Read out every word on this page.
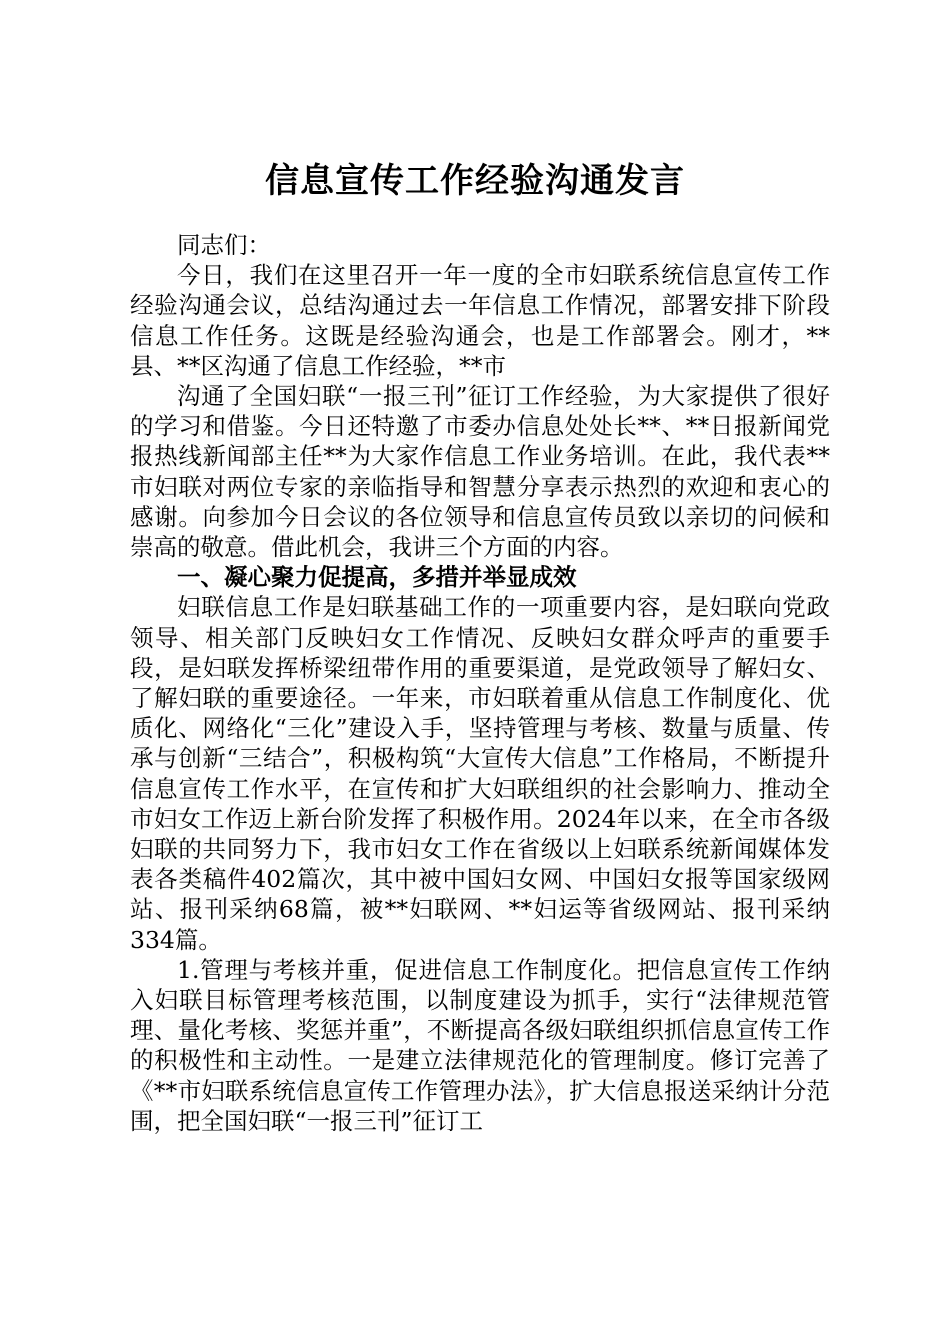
信息宣传工作经验沟通发言

同志们：

今日，我们在这里召开一年一度的全市妇联系统信息宣传工作经验沟通会议，总结沟通过去一年信息工作情况，部署安排下阶段信息工作任务。这既是经验沟通会，也是工作部署会。刚才，**县、**区沟通了信息工作经验，**市

沟通了全国妇联“一报三刊”征订工作经验，为大家提供了很好的学习和借鉴。今日还特邀了市委办信息处处长**、**日报新闻党报热线新闻部主任**为大家作信息工作业务培训。在此，我代表**市妇联对两位专家的亲临指导和智慧分享表示热烈的欢迎和衷心的感谢。向参加今日会议的各位领导和信息宣传员致以亲切的问候和崇高的敬意。借此机会，我讲三个方面的内容。

一、凝心聚力促提高，多措并举显成效

妇联信息工作是妇联基础工作的一项重要内容，是妇联向党政领导、相关部门反映妇女工作情况、反映妇女群众呼声的重要手段，是妇联发挥桥梁纽带作用的重要渠道，是党政领导了解妇女、了解妇联的重要途径。一年来，市妇联着重从信息工作制度化、优质化、网络化“三化”建设入手，坚持管理与考核、数量与质量、传承与创新“三结合”，积极构筑“大宣传大信息”工作格局，不断提升信息宣传工作水平，在宣传和扩大妇联组织的社会影响力、推动全市妇女工作迈上新台阶发挥了积极作用。2024年以来，在全市各级妇联的共同努力下，我市妇女工作在省级以上妇联系统新闻媒体发表各类稿件402篇次，其中被中国妇女网、中国妇女报等国家级网站、报刊采纳68篇，被**妇联网、**妇运等省级网站、报刊采纳334篇。

1.管理与考核并重，促进信息工作制度化。把信息宣传工作纳入妇联目标管理考核范围，以制度建设为抓手，实行“法律规范管理、量化考核、奖惩并重”，不断提高各级妇联组织抓信息宣传工作的积极性和主动性。一是建立法律规范化的管理制度。修订完善了《**市妇联系统信息宣传工作管理办法》，扩大信息报送采纳计分范围，把全国妇联“一报三刊”征订工
